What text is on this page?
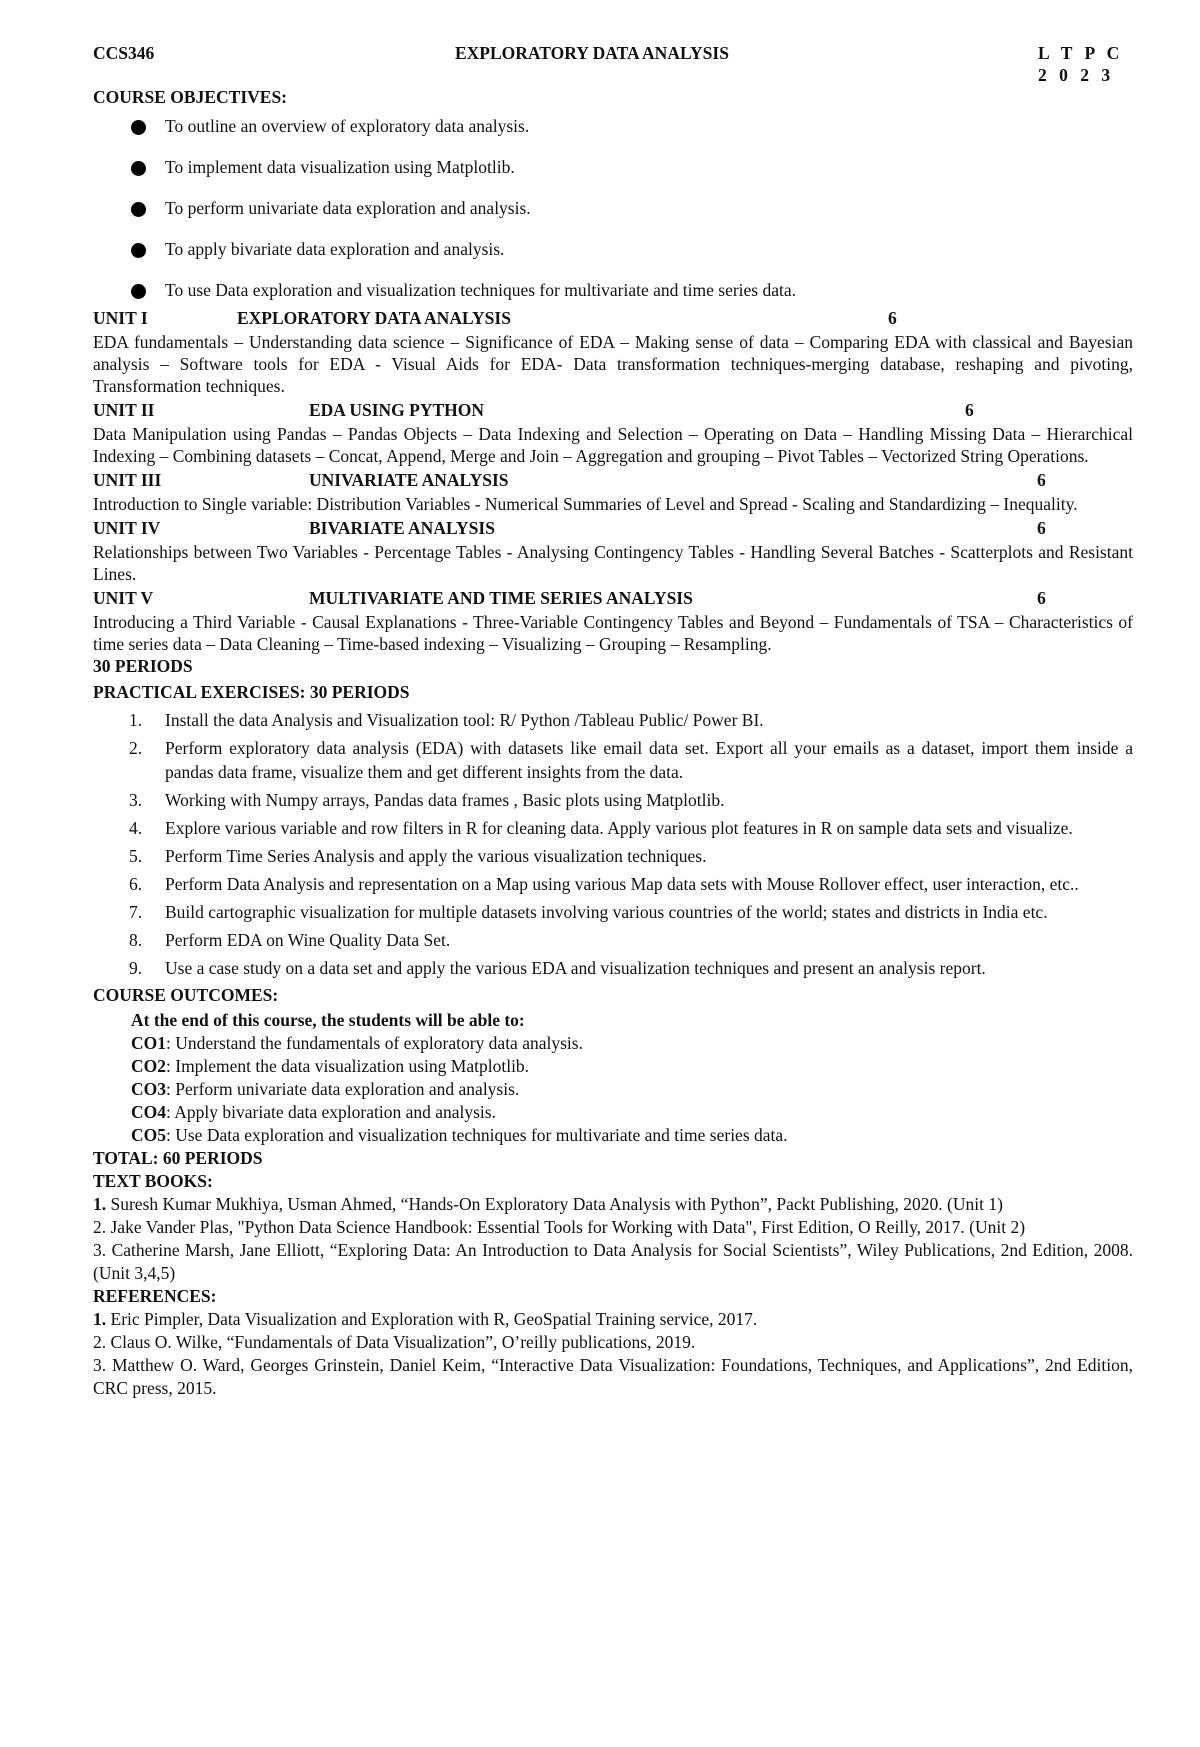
CCS346	EXPLORATORY DATA ANALYSIS	L T P C
2 0 2 3

COURSE OBJECTIVES:

To outline an overview of exploratory data analysis.
To implement data visualization using Matplotlib.
To perform univariate data exploration and analysis.
To apply bivariate data exploration and analysis.
To use Data exploration and visualization techniques for multivariate and time series data.
UNIT I	EXPLORATORY DATA ANALYSIS	6

EDA fundamentals – Understanding data science – Significance of EDA – Making sense of data – Comparing EDA with classical and Bayesian analysis – Software tools for EDA - Visual Aids for EDA- Data transformation techniques-merging database, reshaping and pivoting, Transformation techniques.

UNIT II	EDA USING PYTHON	6

Data Manipulation using Pandas – Pandas Objects – Data Indexing and Selection – Operating on Data – Handling Missing Data – Hierarchical Indexing – Combining datasets – Concat, Append, Merge and Join – Aggregation and grouping – Pivot Tables – Vectorized String Operations.

UNIT III	UNIVARIATE ANALYSIS	6

Introduction to Single variable: Distribution Variables - Numerical Summaries of Level and Spread - Scaling and Standardizing – Inequality.

UNIT IV	BIVARIATE ANALYSIS	6

Relationships between Two Variables - Percentage Tables - Analysing Contingency Tables - Handling Several Batches - Scatterplots and Resistant Lines.

UNIT V	MULTIVARIATE AND TIME SERIES ANALYSIS	6

Introducing a Third Variable - Causal Explanations - Three-Variable Contingency Tables and Beyond – Fundamentals of TSA – Characteristics of time series data – Data Cleaning – Time-based indexing – Visualizing – Grouping – Resampling.

30 PERIODS

PRACTICAL EXERCISES: 30 PERIODS

1. Install the data Analysis and Visualization tool: R/ Python /Tableau Public/ Power BI.
2. Perform exploratory data analysis (EDA) with datasets like email data set. Export all your emails as a dataset, import them inside a pandas data frame, visualize them and get different insights from the data.
3. Working with Numpy arrays, Pandas data frames , Basic plots using Matplotlib.
4. Explore various variable and row filters in R for cleaning data. Apply various plot features in R on sample data sets and visualize.
5. Perform Time Series Analysis and apply the various visualization techniques.
6. Perform Data Analysis and representation on a Map using various Map data sets with Mouse Rollover effect, user interaction, etc..
7. Build cartographic visualization for multiple datasets involving various countries of the world; states and districts in India etc.
8. Perform EDA on Wine Quality Data Set.
9. Use a case study on a data set and apply the various EDA and visualization techniques and present an analysis report.

COURSE OUTCOMES:

At the end of this course, the students will be able to:
CO1: Understand the fundamentals of exploratory data analysis.
CO2: Implement the data visualization using Matplotlib.
CO3: Perform univariate data exploration and analysis.
CO4: Apply bivariate data exploration and analysis.
CO5: Use Data exploration and visualization techniques for multivariate and time series data.

TOTAL: 60 PERIODS

TEXT BOOKS:

1. Suresh Kumar Mukhiya, Usman Ahmed, “Hands-On Exploratory Data Analysis with Python”, Packt Publishing, 2020. (Unit 1)
2. Jake Vander Plas, "Python Data Science Handbook: Essential Tools for Working with Data", First Edition, O Reilly, 2017. (Unit 2)
3. Catherine Marsh, Jane Elliott, “Exploring Data: An Introduction to Data Analysis for Social Scientists”, Wiley Publications, 2nd Edition, 2008. (Unit 3,4,5)

REFERENCES:

1. Eric Pimpler, Data Visualization and Exploration with R, GeoSpatial Training service, 2017.
2. Claus O. Wilke, “Fundamentals of Data Visualization”, O’reilly publications, 2019.
3. Matthew O. Ward, Georges Grinstein, Daniel Keim, “Interactive Data Visualization: Foundations, Techniques, and Applications”, 2nd Edition, CRC press, 2015.
